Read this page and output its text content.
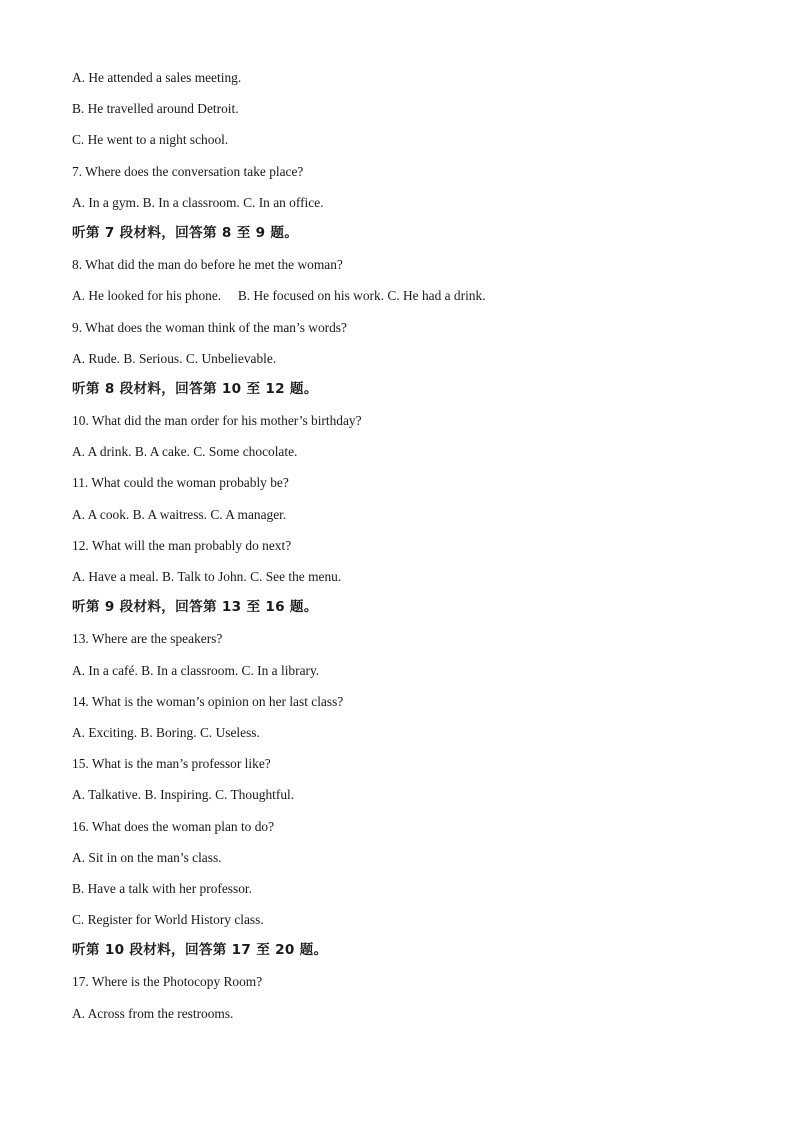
A. He attended a sales meeting.
B. He travelled around Detroit.
C. He went to a night school.
7. Where does the conversation take place?
A. In a gym. B. In a classroom. C. In an office.
听第 7 段材料，回答第 8 至 9 题。
8. What did the man do before he met the woman?
A. He looked for his phone.     B. He focused on his work. C. He had a drink.
9. What does the woman think of the man’s words?
A. Rude. B. Serious. C. Unbelievable.
听第 8 段材料，回答第 10 至 12 题。
10. What did the man order for his mother’s birthday?
A. A drink. B. A cake. C. Some chocolate.
11. What could the woman probably be?
A. A cook. B. A waitress. C. A manager.
12. What will the man probably do next?
A. Have a meal. B. Talk to John. C. See the menu.
听第 9 段材料，回答第 13 至 16 题。
13. Where are the speakers?
A. In a café. B. In a classroom. C. In a library.
14. What is the woman’s opinion on her last class?
A. Exciting. B. Boring. C. Useless.
15. What is the man’s professor like?
A. Talkative. B. Inspiring. C. Thoughtful.
16. What does the woman plan to do?
A. Sit in on the man’s class.
B. Have a talk with her professor.
C. Register for World History class.
听第 10 段材料，回答第 17 至 20 题。
17. Where is the Photocopy Room?
A. Across from the restrooms.
